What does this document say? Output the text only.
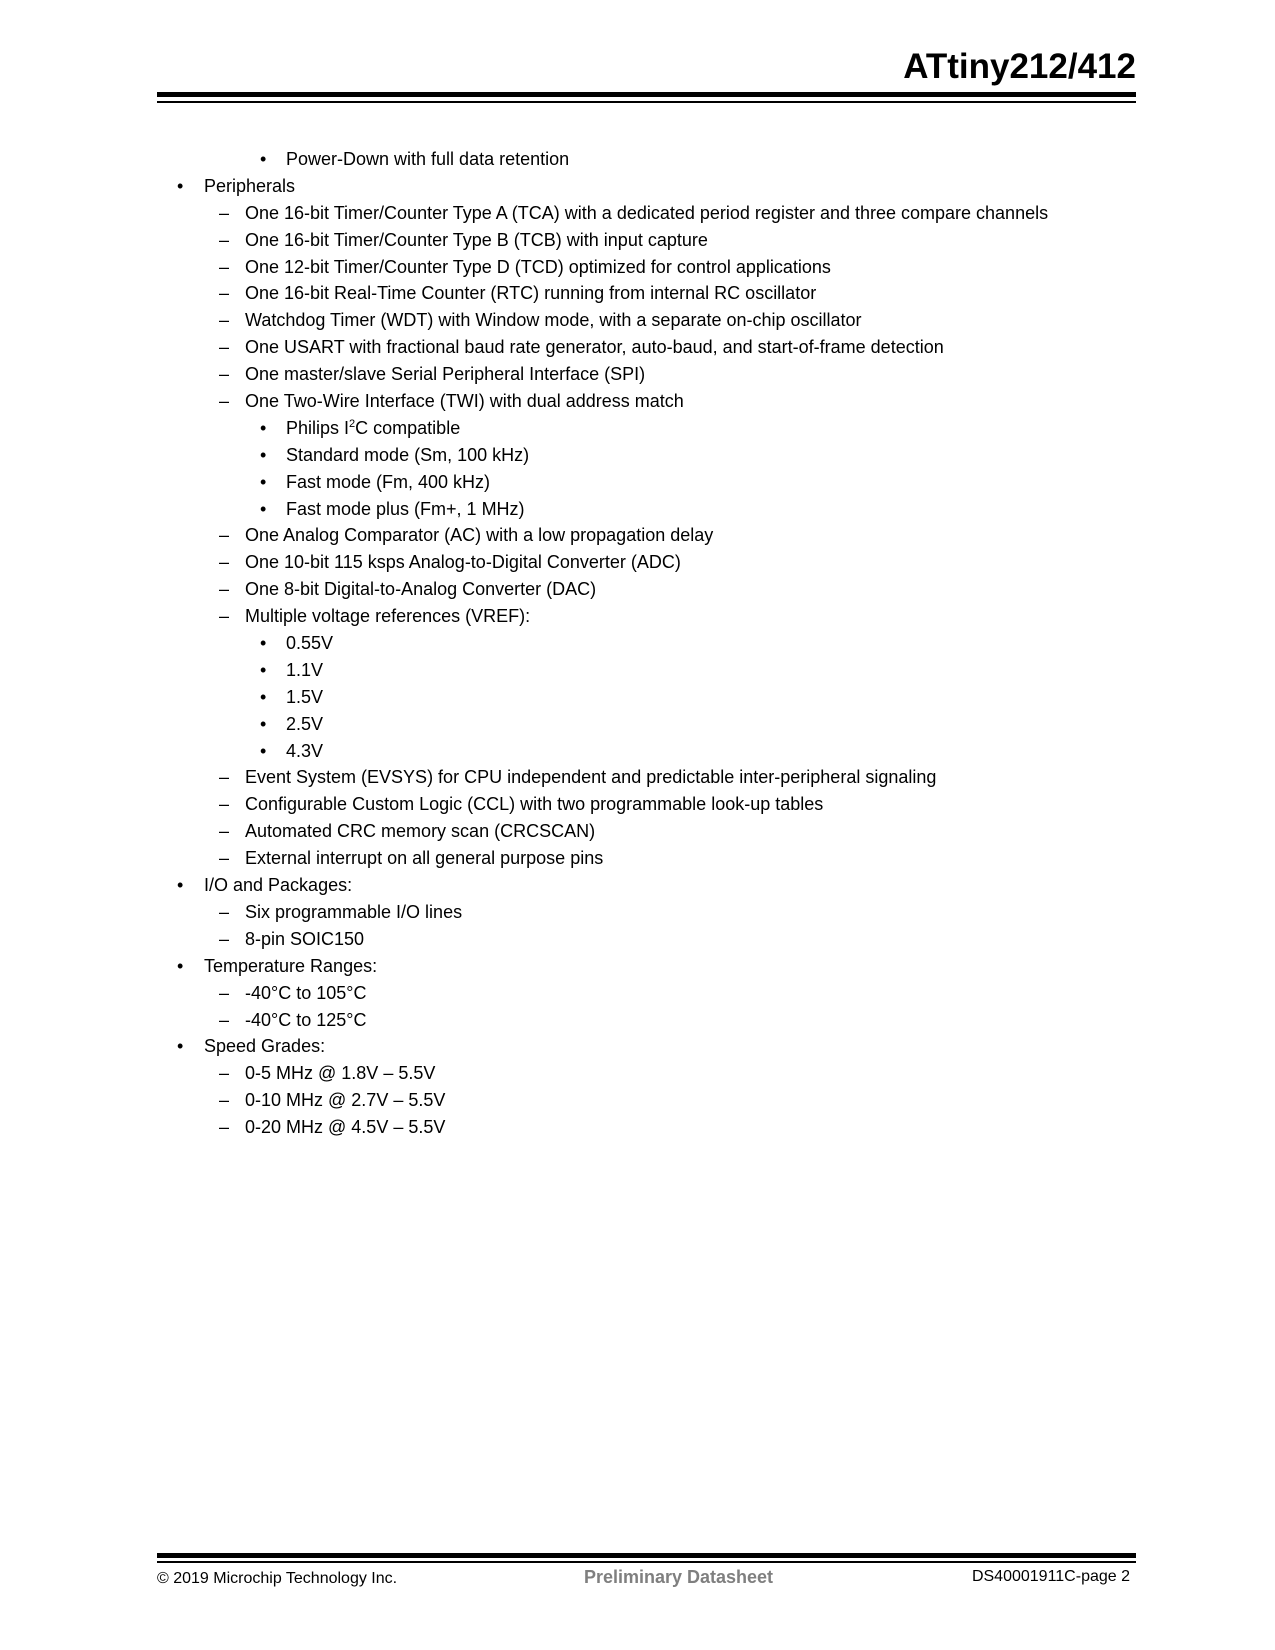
ATtiny212/412
• Power-Down with full data retention
• Peripherals
– One 16-bit Timer/Counter Type A (TCA) with a dedicated period register and three compare channels
– One 16-bit Timer/Counter Type B (TCB) with input capture
– One 12-bit Timer/Counter Type D (TCD) optimized for control applications
– One 16-bit Real-Time Counter (RTC) running from internal RC oscillator
– Watchdog Timer (WDT) with Window mode, with a separate on-chip oscillator
– One USART with fractional baud rate generator, auto-baud, and start-of-frame detection
– One master/slave Serial Peripheral Interface (SPI)
– One Two-Wire Interface (TWI) with dual address match
• Philips $I^2C$ compatible
• Standard mode (Sm, 100 kHz)
• Fast mode (Fm, 400 kHz)
• Fast mode plus (Fm+, 1 MHz)
– One Analog Comparator (AC) with a low propagation delay
– One 10-bit 115 ksps Analog-to-Digital Converter (ADC)
– One 8-bit Digital-to-Analog Converter (DAC)
– Multiple voltage references (VREF):
• 0.55V
• 1.1V
• 1.5V
• 2.5V
• 4.3V
– Event System (EVSYS) for CPU independent and predictable inter-peripheral signaling
– Configurable Custom Logic (CCL) with two programmable look-up tables
– Automated CRC memory scan (CRCSCAN)
– External interrupt on all general purpose pins
• I/O and Packages:
– Six programmable I/O lines
– 8-pin SOIC150
• Temperature Ranges:
– -40°C to 105°C
– -40°C to 125°C
• Speed Grades:
– 0-5 MHz @ 1.8V – 5.5V
– 0-10 MHz @ 2.7V – 5.5V
– 0-20 MHz @ 4.5V – 5.5V
© 2019 Microchip Technology Inc.	Preliminary Datasheet	DS40001911C-page 2
